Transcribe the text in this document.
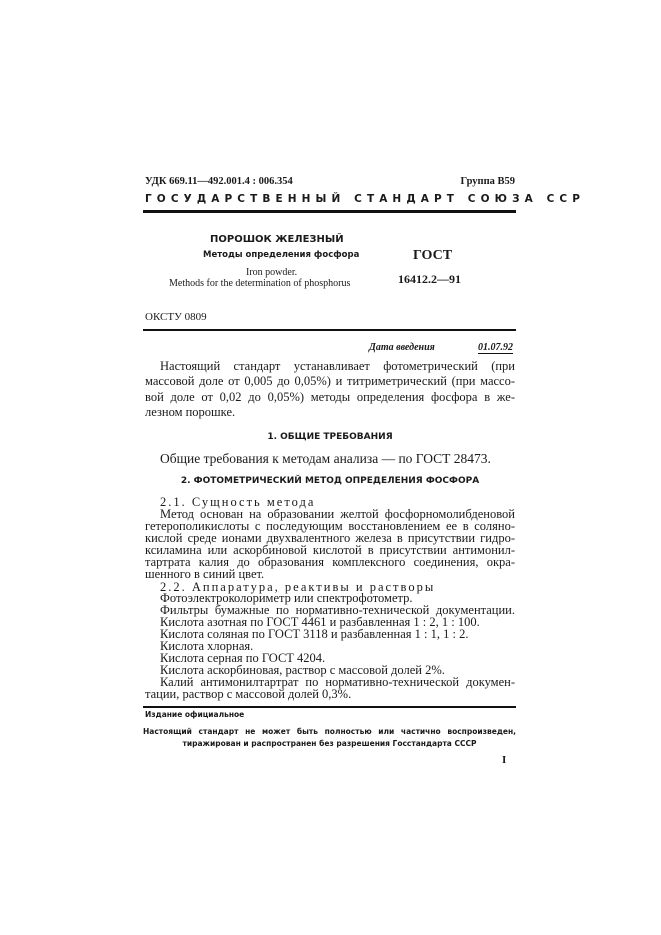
УДК 669.11—492.001.4 : 006.354	Группа В59
ГОСУДАРСТВЕННЫЙ СТАНДАРТ СОЮЗА ССР
ПОРОШОК ЖЕЛЕЗНЫЙ
Методы определения фосфора
Iron powder.
Methods for the determination of phosphorus
ГОСТ
16412.2—91
ОКСТУ 0809
Дата введения	01.07.92
Настоящий стандарт устанавливает фотометрический (при
массовой доле от 0,005 до 0,05%) и титриметрический (при массо-
вой доле от 0,02 до 0,05%) методы определения фосфора в же-
лезном порошке.
1. ОБЩИЕ ТРЕБОВАНИЯ
Общие требования к методам анализа — по ГОСТ 28473.
2. ФОТОМЕТРИЧЕСКИЙ МЕТОД ОПРЕДЕЛЕНИЯ ФОСФОРА
2.1. Сущность метода
Метод основан на образовании желтой фосфорномолибденовой
гетерополикислоты с последующим восстановлением ее в соляно-
кислой среде ионами двухвалентного железа в присутствии гидро-
ксиламина или аскорбиновой кислотой в присутствии антимонил-
тартрата калия до образования комплексного соединения, окра-
шенного в синий цвет.
2.2. Аппаратура, реактивы и растворы
Фотоэлектроколориметр или спектрофотометр.
Фильтры бумажные по нормативно-технической документации.
Кислота азотная по ГОСТ 4461 и разбавленная 1 : 2, 1 : 100.
Кислота соляная по ГОСТ 3118 и разбавленная 1 : 1, 1 : 2.
Кислота хлорная.
Кислота серная по ГОСТ 4204.
Кислота аскорбиновая, раствор с массовой долей 2%.
Калий антимонилтартрат по нормативно-технической докумен-
тации, раствор с массовой долей 0,3%.
Издание официальное
Настоящий стандарт не может быть полностью или частично воспроизведен,
тиражирован и распространен без разрешения Госстандарта СССР
I
